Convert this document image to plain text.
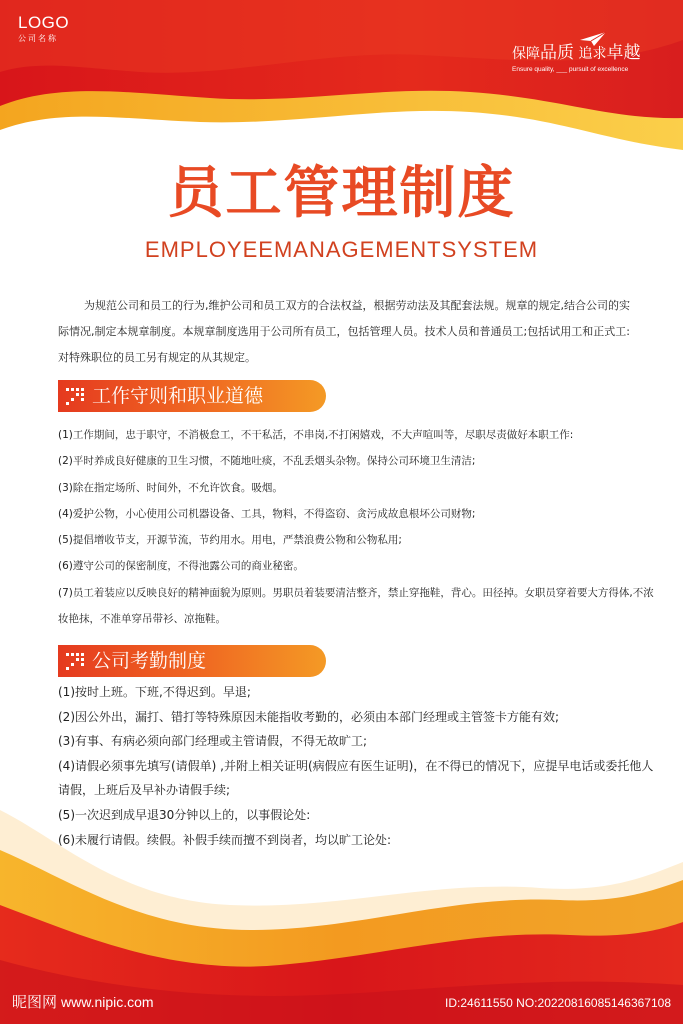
LOGO
公司名称
保障品质 追求卓越
Ensure quality, ___ pursuit of excellence
员工管理制度
EMPLOYEEMANAGEMENTSYSTEM

为规范公司和员工的行为,维护公司和员工双方的合法权益，根据劳动法及其配套法规。规章的规定,结合公司的实际情况,制定本规章制度。本规章制度选用于公司所有员工，包括管理人员。技术人员和普通员工;包括试用工和正式工:对特殊职位的员工另有规定的从其规定。

工作守则和职业道德
(1)工作期间，忠于职守，不消极怠工，不干私活，不串岗,不打闲嬉戏，不大声喧叫等，尽职尽责做好本职工作:
(2)平时养成良好健康的卫生习惯，不随地吐痰，不乱丢烟头杂物。保持公司环境卫生清洁;
(3)除在指定场所、时间外，不允许饮食。吸烟。
(4)爱护公物，小心使用公司机器设备、工具，物料，不得盗窃、贪污成故息根坏公司财物;
(5)提倡增收节支，开源节流，节约用水。用电，严禁浪费公物和公物私用;
(6)遵守公司的保密制度，不得池露公司的商业秘密。
(7)员工着装应以反映良好的精神面貌为原则。男职员着装要清洁整齐，禁止穿拖鞋，背心。田径掉。女职员穿着要大方得体,不浓妆艳抹，不准单穿吊带衫、凉拖鞋。
公司考勤制度
(1)按时上班。下班,不得迟到。早退;
(2)因公外出，漏打、错打等特殊原因未能指收考勤的，必须由本部门经理或主管签卡方能有效;
(3)有事、有病必须向部门经理或主管请假，不得无故旷工;
(4)请假必须事先填写(请假单) ,并附上相关证明(病假应有医生证明)，在不得已的情况下，应提早电话或委托他人请假，上班后及早补办请假手续;
(5)一次迟到成早退30分钟以上的，以事假论处:
(6)未履行请假。续假。补假手续而擅不到岗者，均以旷工论处:
昵图网 www.nipic.com	ID:24611550 NO:20220816085146367108
